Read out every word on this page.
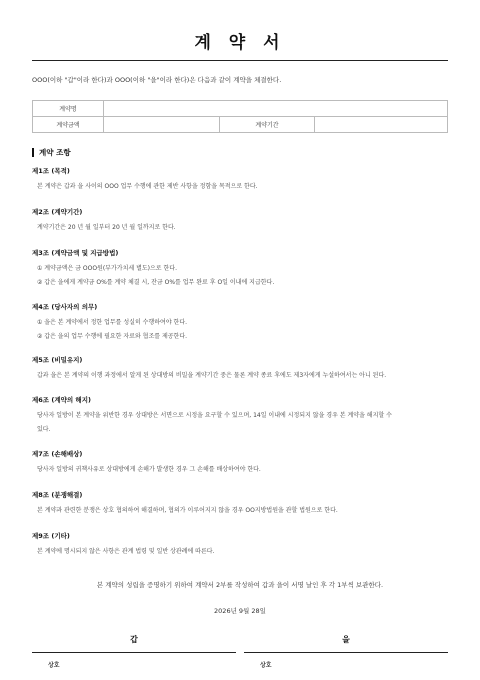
계 약 서
OOO(이하 "갑"이라 한다)과 OOO(이하 "을"이라 한다)은 다음과 같이 계약을 체결한다.
계약명			
계약금액		계약기간	
계약 조항
제1조 (목적)
본 계약은 갑과 을 사이의 OOO 업무 수행에 관한 제반 사항을 정함을 목적으로 한다.
제2조 (계약기간)
계약기간은 20 년 월 일부터 20 년 월 일까지로 한다.
제3조 (계약금액 및 지급방법)
① 계약금액은 금 OOO원(부가가치세 별도)으로 한다.
② 갑은 을에게 계약금 O%를 계약 체결 시, 잔금 O%를 업무 완료 후 O일 이내에 지급한다.
제4조 (당사자의 의무)
① 을은 본 계약에서 정한 업무를 성실히 수행하여야 한다.
② 갑은 을의 업무 수행에 필요한 자료와 협조를 제공한다.
제5조 (비밀유지)
갑과 을은 본 계약의 이행 과정에서 알게 된 상대방의 비밀을 계약기간 중은 물론 계약 종료 후에도 제3자에게 누설하여서는 아니 된다.
제6조 (계약의 해지)
당사자 일방이 본 계약을 위반한 경우 상대방은 서면으로 시정을 요구할 수 있으며, 14일 이내에 시정되지 않을 경우 본 계약을 해지할 수
있다.
제7조 (손해배상)
당사자 일방의 귀책사유로 상대방에게 손해가 발생한 경우 그 손해를 배상하여야 한다.
제8조 (분쟁해결)
본 계약과 관련한 분쟁은 상호 협의하여 해결하며, 협의가 이루어지지 않을 경우 OO지방법원을 관할 법원으로 한다.
제9조 (기타)
본 계약에 명시되지 않은 사항은 관계 법령 및 일반 상관례에 따른다.
본 계약의 성립을 증명하기 위하여 계약서 2부를 작성하여 갑과 을이 서명 날인 후 각 1부씩 보관한다.
2026년 9월 28일
갑
상호
을
상호
